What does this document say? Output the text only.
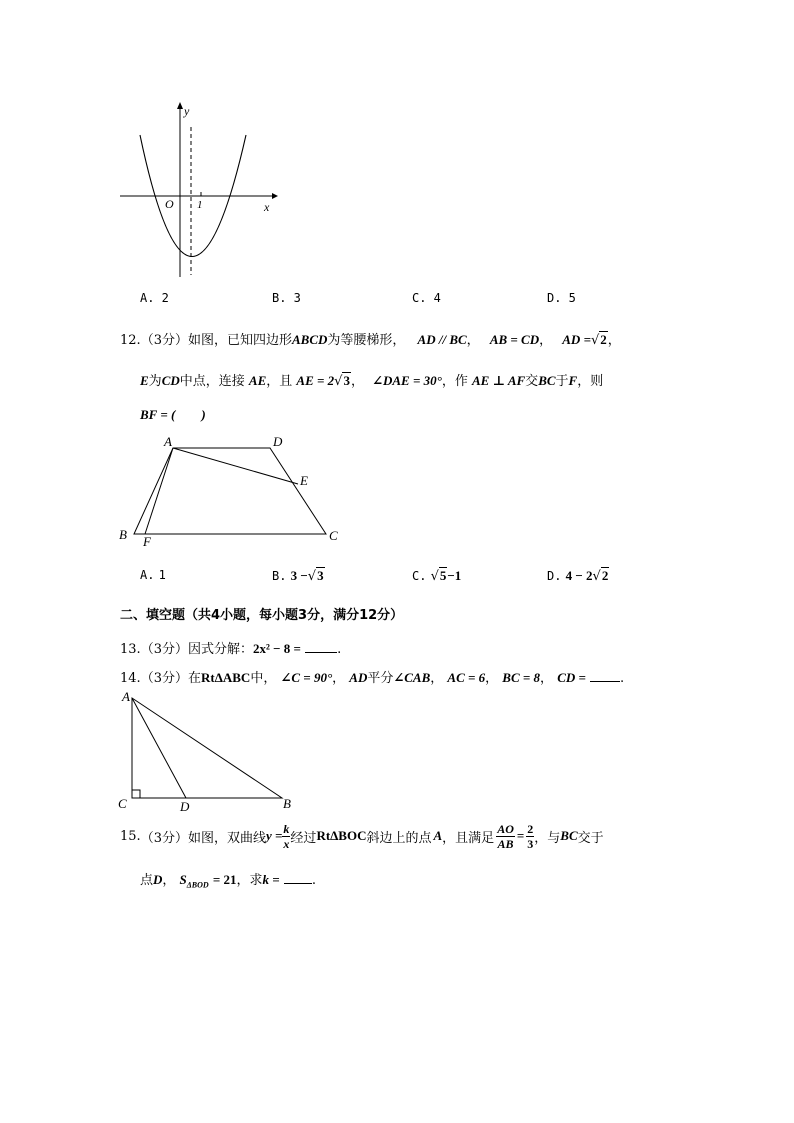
y
x
O 1
A. 2	B. 3	C. 4	D. 5
12.（3分）如图，已知四边形ABCD为等腰梯形， AD // BC， AB = CD， AD =√2，
E为CD中点，连接 AE，且 AE = 2√3， ∠DAE = 30°，作 AE ⊥ AF交BC于F，则
BF = (　　)
A	D
E
B F	C
A. 1	B. 3 −√3	C. √5−1	D. 4 − 2√2
二、填空题（共4小题，每小题3分，满分12分）
13.（3分）因式分解：2x² − 8 =	.
14.（3分）在RtΔABC中， ∠C = 90°， AD平分∠CAB， AC = 6， BC = 8， CD =	.
A
C	D	B
15. （3分） 如图，双曲线 $y = \frac{k}{x}$ 经过 RtΔBOC 斜边上的点 A ，且满足 $\frac{AO}{AB} = \frac{2}{3}$ ，与 BC 交于
点D， $S_{\Delta BOD} = 21$，求k = .
